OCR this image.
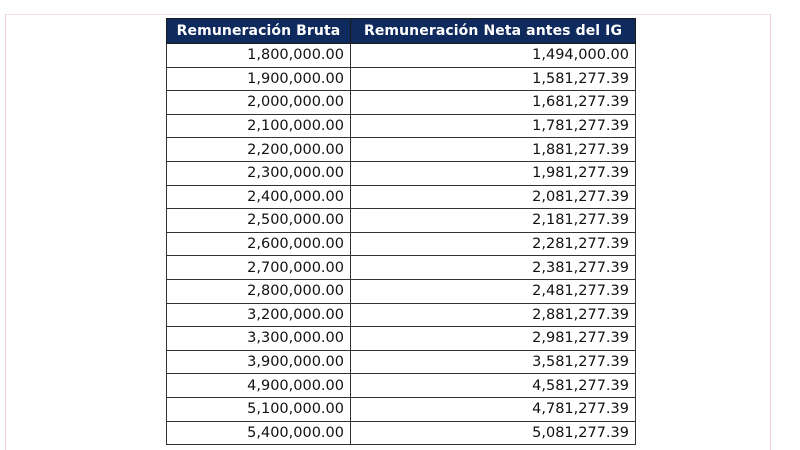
Remuneración Bruta	Remuneración Neta antes del IG
1,800,000.00	1,494,000.00
1,900,000.00	1,581,277.39
2,000,000.00	1,681,277.39
2,100,000.00	1,781,277.39
2,200,000.00	1,881,277.39
2,300,000.00	1,981,277.39
2,400,000.00	2,081,277.39
2,500,000.00	2,181,277.39
2,600,000.00	2,281,277.39
2,700,000.00	2,381,277.39
2,800,000.00	2,481,277.39
3,200,000.00	2,881,277.39
3,300,000.00	2,981,277.39
3,900,000.00	3,581,277.39
4,900,000.00	4,581,277.39
5,100,000.00	4,781,277.39
5,400,000.00	5,081,277.39
